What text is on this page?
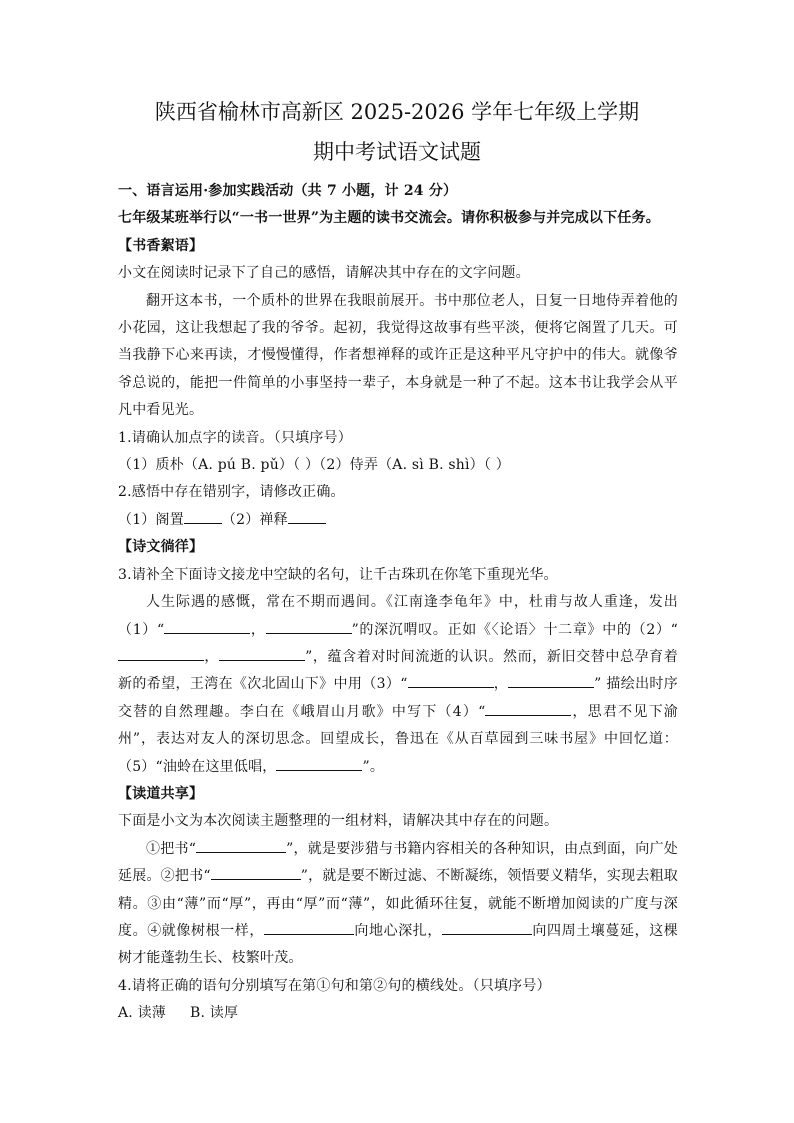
陕西省榆林市高新区 2025-2026 学年七年级上学期
期中考试语文试题

一、语言运用·参加实践活动（共 7 小题，计 24 分）

七年级某班举行以“一书一世界”为主题的读书交流会。请你积极参与并完成以下任务。

【书香絮语】

小文在阅读时记录下了自己的感悟，请解决其中存在的文字问题。

翻开这本书，一个质朴的世界在我眼前展开。书中那位老人，日复一日地侍弄着他的小花园，这让我想起了我的爷爷。起初，我觉得这故事有些平淡，便将它阁置了几天。可当我静下心来再读，才慢慢懂得，作者想禅释的或许正是这种平凡守护中的伟大。就像爷爷总说的，能把一件简单的小事坚持一辈子，本身就是一种了不起。这本书让我学会从平凡中看见光。

1.请确认加点字的读音。（只填序号）

（1）质朴（A. pú B. pǔ）（ ）（2）侍弄（A. sì B. shì）（ ）

2.感悟中存在错别字，请修改正确。

（1）阁置	（2）禅释

【诗文徜徉】

3.请补全下面诗文接龙中空缺的名句，让千古珠玑在你笔下重现光华。

人生际遇的感慨，常在不期而遇间。《江南逢李龟年》中，杜甫与故人重逢，发出（1）“	，	”的深沉喟叹。正如《〈论语〉十二章》中的（2）“，	”，蕴含着对时间流逝的认识。然而，新旧交替中总孕育着新的希望，王湾在《次北固山下》中用（3）“	，	” 描绘出时序交替的自然理趣。李白在《峨眉山月歌》中写下（4）“	，思君不见下渝州”，表达对友人的深切思念。回望成长，鲁迅在《从百草园到三味书屋》中回忆道：（5）“油蛉在这里低唱，	”。

【读道共享】

下面是小文为本次阅读主题整理的一组材料，请解决其中存在的问题。

①把书“	”，就是要涉猎与书籍内容相关的各种知识，由点到面，向广处延展。②把书“	”，就是要不断过滤、不断凝练，领悟要义精华，实现去粗取精。③由“薄”而“厚”，再由“厚”而“薄”，如此循环往复，就能不断增加阅读的广度与深度。④就像树根一样，	向地心深扎，	向四周土壤蔓延，这棵树才能蓬勃生长、枝繁叶茂。

4.请将正确的语句分别填写在第①句和第②句的横线处。（只填序号）

A. 读薄 B. 读厚
